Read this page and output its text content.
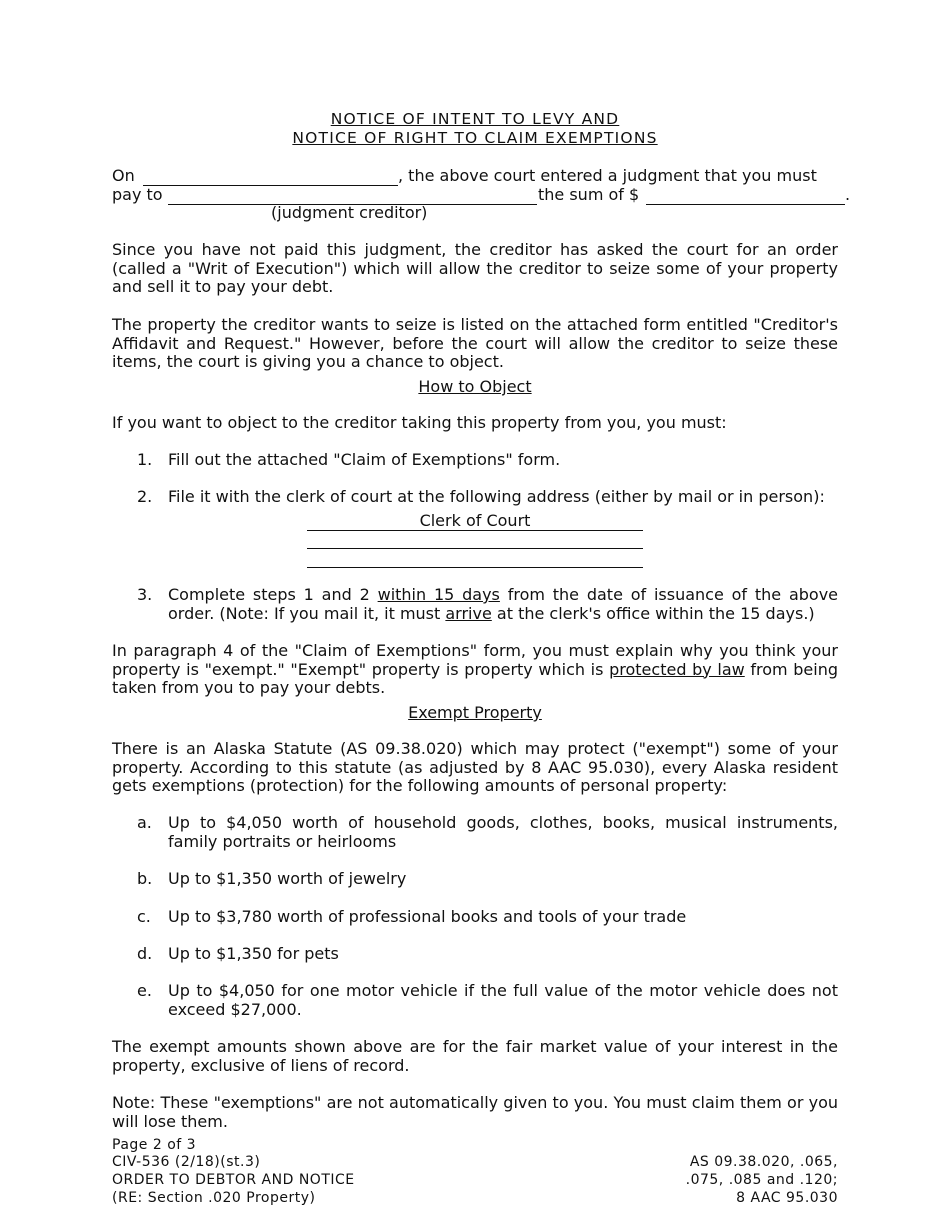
NOTICE OF INTENT TO LEVY AND
NOTICE OF RIGHT TO CLAIM EXEMPTIONS
On	, the above court entered a judgment that you must
pay to	the sum of $	.
(judgment creditor)
Since you have not paid this judgment, the creditor has asked the court for an order (called a "Writ of Execution") which will allow the creditor to seize some of your property and sell it to pay your debt.
The property the creditor wants to seize is listed on the attached form entitled "Creditor's Affidavit and Request." However, before the court will allow the creditor to seize these items, the court is giving you a chance to object.
How to Object
If you want to object to the creditor taking this property from you, you must:
1. Fill out the attached "Claim of Exemptions" form.
2. File it with the clerk of court at the following address (either by mail or in person):
Clerk of Court
3. Complete steps 1 and 2 within 15 days from the date of issuance of the above order. (Note: If you mail it, it must arrive at the clerk's office within the 15 days.)
In paragraph 4 of the "Claim of Exemptions" form, you must explain why you think your property is "exempt." "Exempt" property is property which is protected by law from being taken from you to pay your debts.
Exempt Property
There is an Alaska Statute (AS 09.38.020) which may protect ("exempt") some of your property. According to this statute (as adjusted by 8 AAC 95.030), every Alaska resident gets exemptions (protection) for the following amounts of personal property:
a. Up to $4,050 worth of household goods, clothes, books, musical instruments, family portraits or heirlooms
b. Up to $1,350 worth of jewelry
c. Up to $3,780 worth of professional books and tools of your trade
d. Up to $1,350 for pets
e. Up to $4,050 for one motor vehicle if the full value of the motor vehicle does not exceed $27,000.
The exempt amounts shown above are for the fair market value of your interest in the property, exclusive of liens of record.
Note: These "exemptions" are not automatically given to you. You must claim them or you will lose them.
Page 2 of 3
CIV-536 (2/18)(st.3)
ORDER TO DEBTOR AND NOTICE
(RE: Section .020 Property)
AS 09.38.020, .065,
.075, .085 and .120;
8 AAC 95.030
